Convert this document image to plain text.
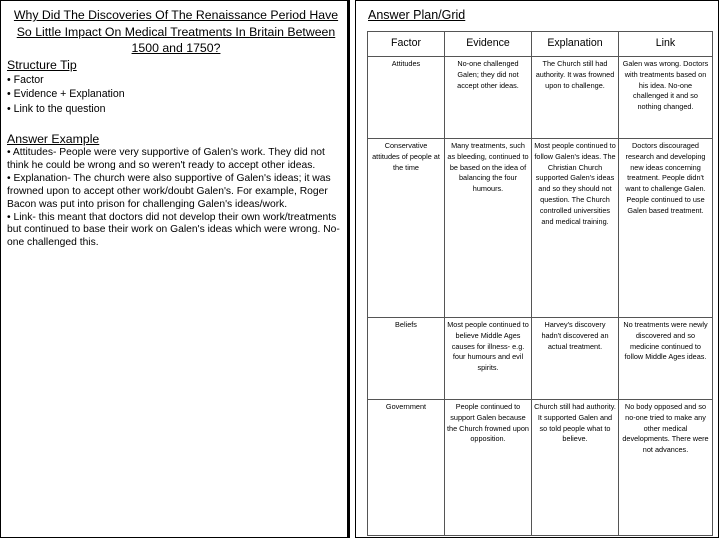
Why Did The Discoveries Of The Renaissance Period Have So Little Impact On Medical Treatments In Britain Between 1500 and 1750?

Structure Tip

• Factor
• Evidence + Explanation
• Link to the question

Answer Example

• Attitudes- People were very supportive of Galen's work. They did not think he could be wrong and so weren't ready to accept other ideas.

• Explanation- The church were also supportive of Galen's ideas; it was frowned upon to accept other work/doubt Galen's. For example, Roger Bacon was put into prison for challenging Galen's ideas/work.

• Link- this meant that doctors did not develop their own work/treatments but continued to base their work on Galen's ideas which were wrong. No-one challenged this.

Answer Plan/Grid

Factor	Evidence	Explanation	Link
Attitudes	No-one challenged Galen; they did not accept other ideas.	The Church still had authority. It was frowned upon to challenge.	Galen was wrong. Doctors with treatments based on his idea. No-one challenged it and so nothing changed.
Conservative attitudes of people at the time	Many treatments, such as bleeding, continued to be based on the idea of balancing the four humours.	Most people continued to follow Galen's ideas. The Christian Church supported Galen's ideas and so they should not question. The Church controlled universities and medical training.	Doctors discouraged research and developing new ideas concerning treatment. People didn't want to challenge Galen. People continued to use Galen based treatment.
Beliefs	Most people continued to believe Middle Ages causes for illness- e.g. four humours and evil spirits.	Harvey's discovery hadn't discovered an actual treatment.	No treatments were newly discovered and so medicine continued to follow Middle Ages ideas.
Government	People continued to support Galen because the Church frowned upon opposition.	Church still had authority. It supported Galen and so told people what to believe.	No body opposed and so no-one tried to make any other medical developments. There were not advances.
